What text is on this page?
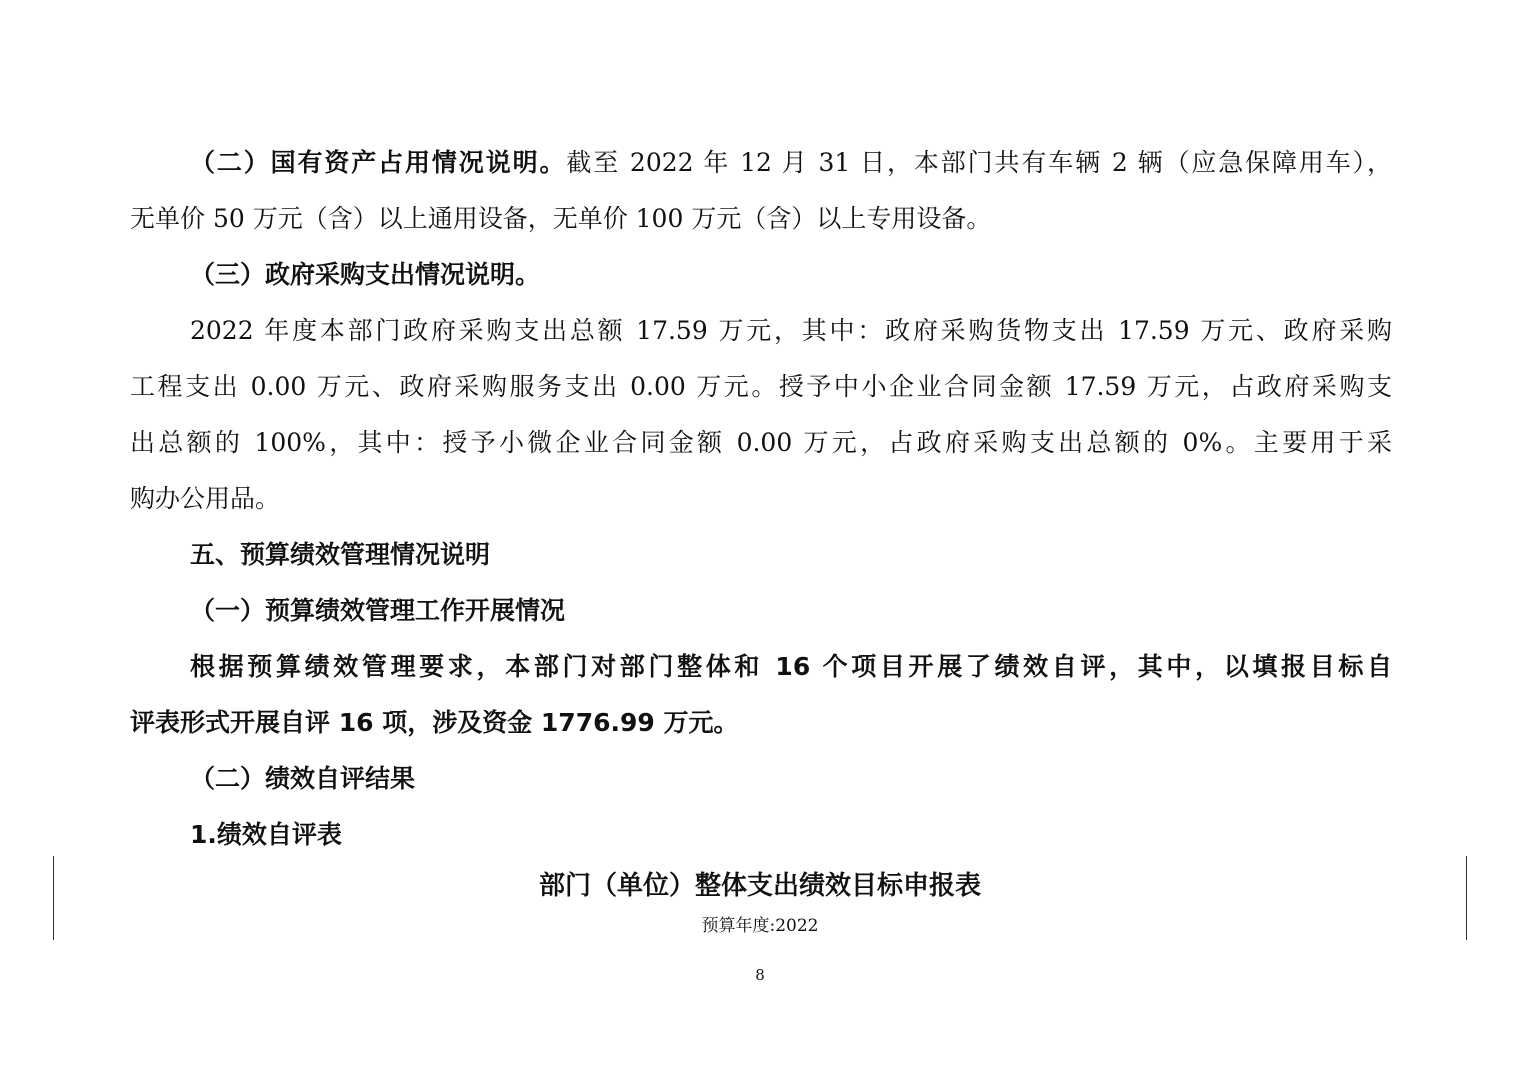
（二）国有资产占用情况说明。截至 2022 年 12 月 31 日，本部门共有车辆 2 辆（应急保障用车），
无单价 50 万元（含）以上通用设备，无单价 100 万元（含）以上专用设备。
（三）政府采购支出情况说明。
2022 年度本部门政府采购支出总额 17.59 万元，其中：政府采购货物支出 17.59 万元、政府采购
工程支出 0.00 万元、政府采购服务支出 0.00 万元。授予中小企业合同金额 17.59 万元，占政府采购支
出总额的 100%，其中：授予小微企业合同金额 0.00 万元，占政府采购支出总额的 0%。主要用于采
购办公用品。
五、预算绩效管理情况说明
（一）预算绩效管理工作开展情况
根据预算绩效管理要求，本部门对部门整体和 16 个项目开展了绩效自评，其中，以填报目标自
评表形式开展自评 16 项，涉及资金 1776.99 万元。
（二）绩效自评结果
1.绩效自评表
部门（单位）整体支出绩效目标申报表
预算年度:2022
8
